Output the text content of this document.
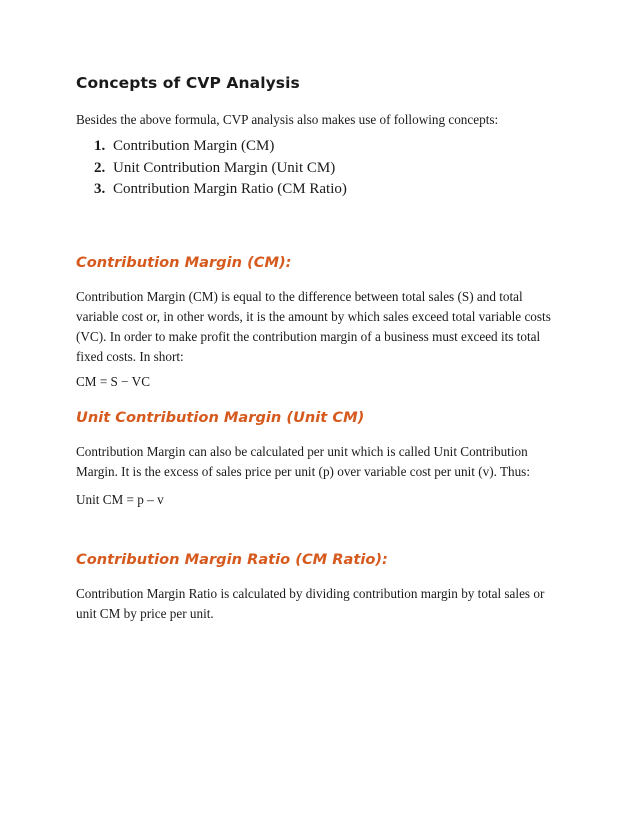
Concepts of CVP Analysis

Besides the above formula, CVP analysis also makes use of following concepts:

1. Contribution Margin (CM)
2. Unit Contribution Margin (Unit CM)
3. Contribution Margin Ratio (CM Ratio)
Contribution Margin (CM):

Contribution Margin (CM) is equal to the difference between total sales (S) and total variable cost or, in other words, it is the amount by which sales exceed total variable costs (VC). In order to make profit the contribution margin of a business must exceed its total fixed costs. In short:

CM = S − VC

Unit Contribution Margin (Unit CM)

Contribution Margin can also be calculated per unit which is called Unit Contribution Margin. It is the excess of sales price per unit (p) over variable cost per unit (v). Thus:

Unit CM = p – v

Contribution Margin Ratio (CM Ratio):

Contribution Margin Ratio is calculated by dividing contribution margin by total sales or unit CM by price per unit.
